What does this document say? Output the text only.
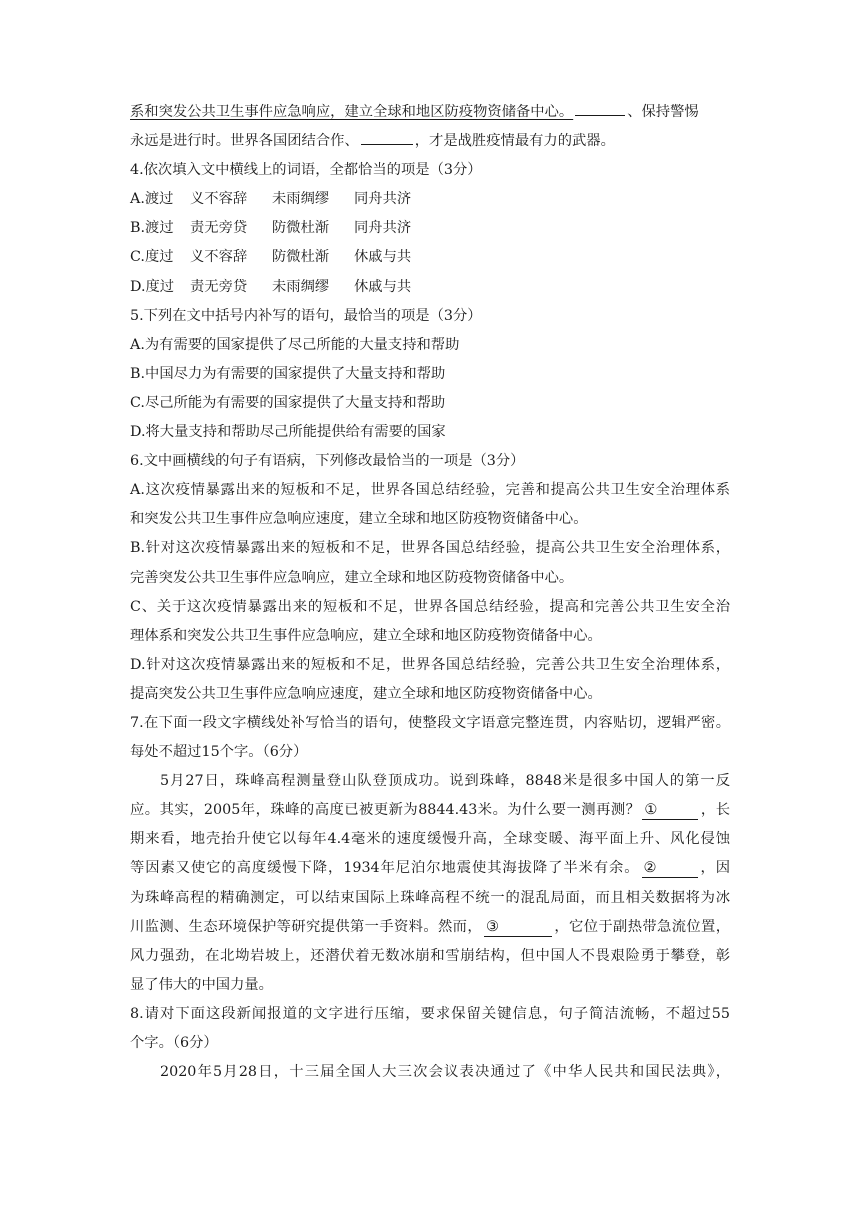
系和突发公共卫生事件应急响应，建立全球和地区防疫物资储备中心。	、保持警惕
永远是进行时。世界各国团结合作、	，才是战胜疫情最有力的武器。
4.依次填入文中横线上的词语，全都恰当的项是（3分）
A.渡过 义不容辞 未雨绸缪 同舟共济
B.渡过 责无旁贷 防微杜渐 同舟共济
C.度过 义不容辞 防微杜渐 休戚与共
D.度过 责无旁贷 未雨绸缪 休戚与共
5.下列在文中括号内补写的语句，最恰当的项是（3分）
A.为有需要的国家提供了尽己所能的大量支持和帮助
B.中国尽力为有需要的国家提供了大量支持和帮助
C.尽己所能为有需要的国家提供了大量支持和帮助
D.将大量支持和帮助尽己所能提供给有需要的国家
6.文中画横线的句子有语病，下列修改最恰当的一项是（3分）
A.这次疫情暴露出来的短板和不足，世界各国总结经验，完善和提高公共卫生安全治理体系
和突发公共卫生事件应急响应速度，建立全球和地区防疫物资储备中心。
B.针对这次疫情暴露出来的短板和不足，世界各国总结经验，提高公共卫生安全治理体系，
完善突发公共卫生事件应急响应，建立全球和地区防疫物资储备中心。
C、关于这次疫情暴露出来的短板和不足，世界各国总结经验，提高和完善公共卫生安全治
理体系和突发公共卫生事件应急响应，建立全球和地区防疫物资储备中心。
D.针对这次疫情暴露出来的短板和不足，世界各国总结经验，完善公共卫生安全治理体系，
提高突发公共卫生事件应急响应速度，建立全球和地区防疫物资储备中心。
7.在下面一段文字横线处补写恰当的语句，使整段文字语意完整连贯，内容贴切，逻辑严密。
每处不超过15个字。（6分）
5月27日，珠峰高程测量登山队登顶成功。说到珠峰，8848米是很多中国人的第一反
应。其实，2005年，珠峰的高度已被更新为8844.43米。为什么要一测再测？ ①	，长
期来看，地壳抬升使它以每年4.4毫米的速度缓慢升高，全球变暖、海平面上升、风化侵蚀
等因素又使它的高度缓慢下降，1934年尼泊尔地震使其海拔降了半米有余。 ②	，因
为珠峰高程的精确测定，可以结束国际上珠峰高程不统一的混乱局面，而且相关数据将为冰
川监测、生态环境保护等研究提供第一手资料。然而， ③	，它位于副热带急流位置，
风力强劲，在北坳岩坡上，还潜伏着无数冰崩和雪崩结构，但中国人不畏艰险勇于攀登，彰
显了伟大的中国力量。
8.请对下面这段新闻报道的文字进行压缩，要求保留关键信息，句子简洁流畅，不超过55
个字。（6分）
2020年5月28日，十三届全国人大三次会议表决通过了《中华人民共和国民法典》，
